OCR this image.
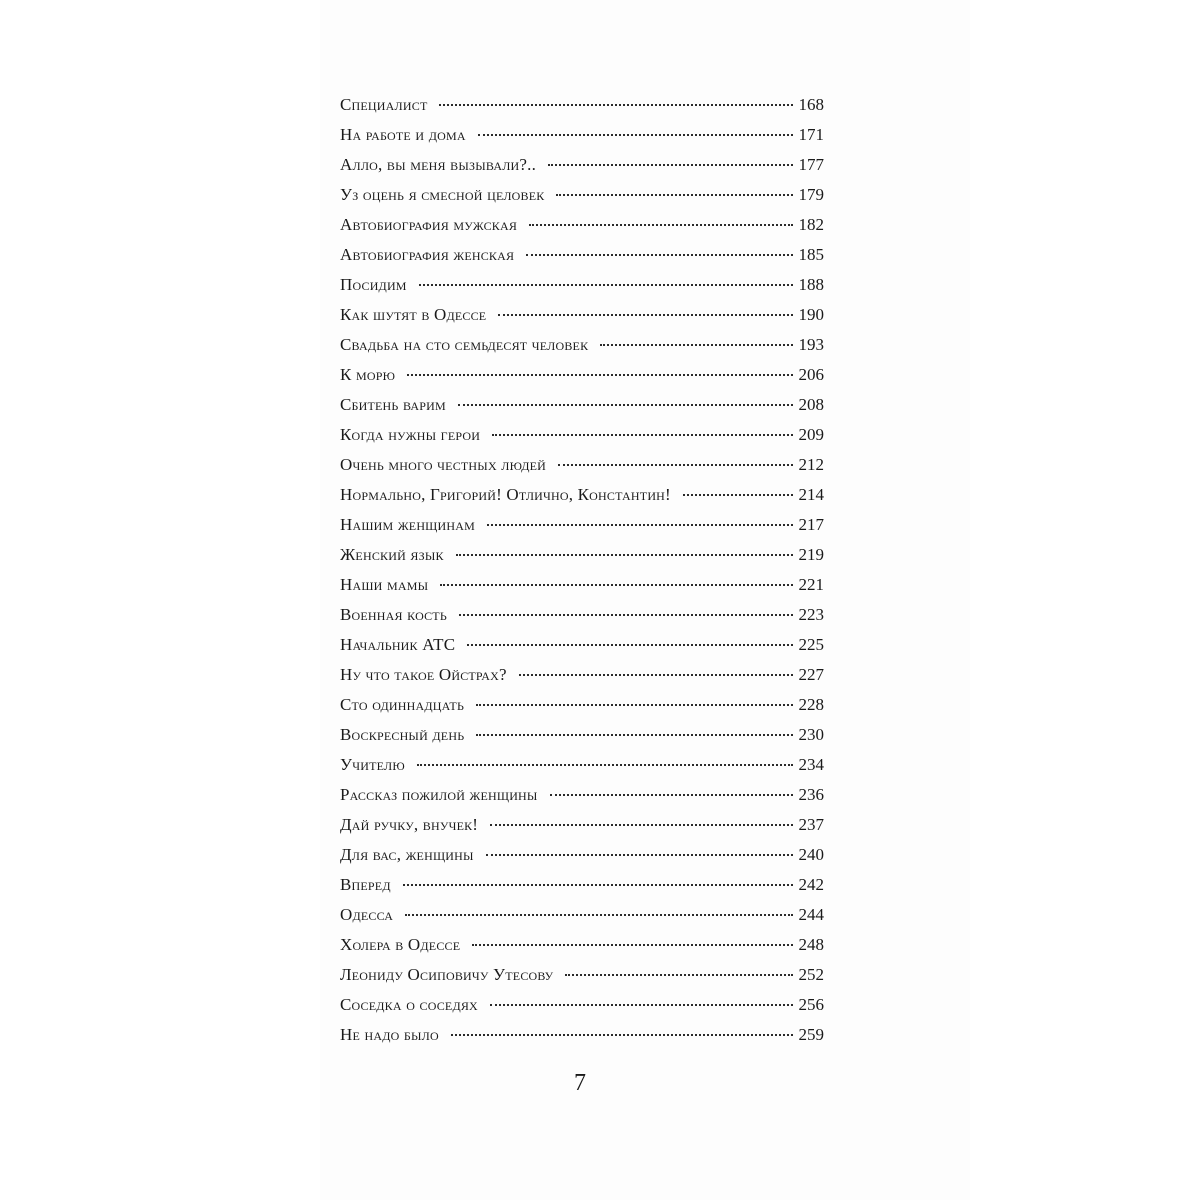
Специалист	168
На работе и дома	171
Алло, вы меня вызывали?..	177
Уз оцень я смесной целовек	179
Автобиография мужская	182
Автобиография женская	185
Посидим	188
Как шутят в Одессе	190
Свадьба на сто семьдесят человек	193
К морю	206
Сбитень варим	208
Когда нужны герои	209
Очень много честных людей	212
Нормально, Григорий! Отлично, Константин!	214
Нашим женщинам	217
Женский язык	219
Наши мамы	221
Военная кость	223
Начальник АТС	225
Ну что такое Ойстрах?	227
Сто одиннадцать	228
Воскресный день	230
Учителю	234
Рассказ пожилой женщины	236
Дай ручку, внучек!	237
Для вас, женщины	240
Вперед	242
Одесса	244
Холера в Одессе	248
Леониду Осиповичу Утесову	252
Соседка о соседях	256
Не надо было	259
7
